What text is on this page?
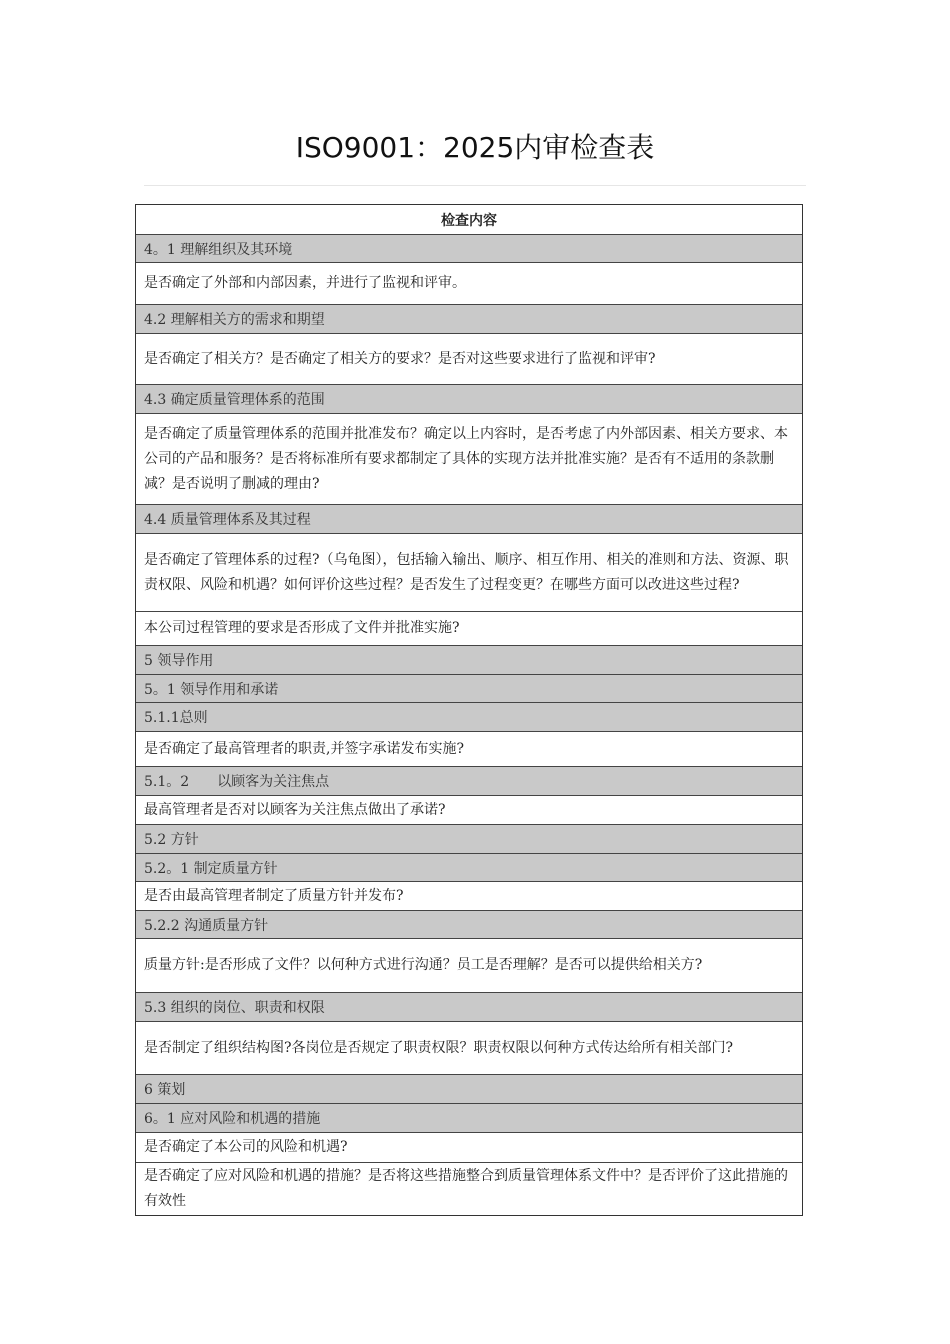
ISO9001：2025内审检查表
检查内容
4。1 理解组织及其环境
是否确定了外部和内部因素，并进行了监视和评审。
4.2 理解相关方的需求和期望
是否确定了相关方？是否确定了相关方的要求？是否对这些要求进行了监视和评审?
4.3 确定质量管理体系的范围
是否确定了质量管理体系的范围并批准发布？确定以上内容时，是否考虑了内外部因素、相关方要求、本公司的产品和服务？是否将标准所有要求都制定了具体的实现方法并批准实施？是否有不适用的条款删减？是否说明了删减的理由?
4.4 质量管理体系及其过程
是否确定了管理体系的过程?（乌龟图），包括输入输出、顺序、相互作用、相关的准则和方法、资源、职责权限、风险和机遇？如何评价这些过程？是否发生了过程变更？在哪些方面可以改进这些过程?
本公司过程管理的要求是否形成了文件并批准实施?
5 领导作用
5。1 领导作用和承诺
5.1.1总则
是否确定了最高管理者的职责,并签字承诺发布实施?
5.1。2　　以顾客为关注焦点
最高管理者是否对以顾客为关注焦点做出了承诺?
5.2 方针
5.2。1 制定质量方针
是否由最高管理者制定了质量方针并发布?
5.2.2 沟通质量方针
质量方针:是否形成了文件？以何种方式进行沟通？员工是否理解？是否可以提供给相关方?
5.3 组织的岗位、职责和权限
是否制定了组织结构图?各岗位是否规定了职责权限？职责权限以何种方式传达给所有相关部门?
6 策划
6。1 应对风险和机遇的措施
是否确定了本公司的风险和机遇?
是否确定了应对风险和机遇的措施？是否将这些措施整合到质量管理体系文件中？是否评价了这此措施的有效性
